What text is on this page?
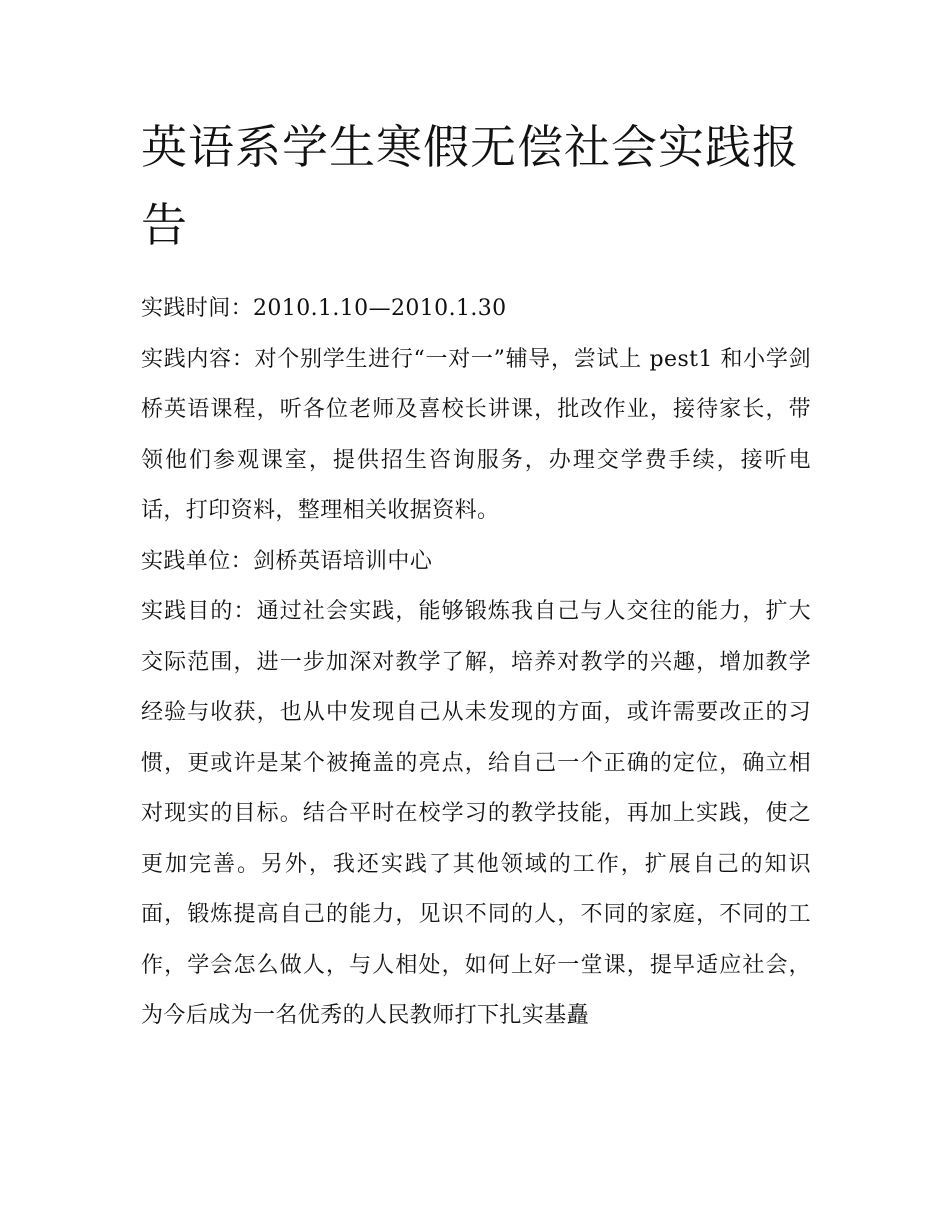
英语系学生寒假无偿社会实践报告

实践时间：2010.1.10—2010.1.30

实践内容：对个别学生进行“一对一”辅导，尝试上 pest1 和小学剑桥英语课程，听各位老师及喜校长讲课，批改作业，接待家长，带领他们参观课室，提供招生咨询服务，办理交学费手续，接听电话，打印资料，整理相关收据资料。

实践单位：剑桥英语培训中心

实践目的：通过社会实践，能够锻炼我自己与人交往的能力，扩大交际范围，进一步加深对教学了解，培养对教学的兴趣，增加教学经验与收获，也从中发现自己从未发现的方面，或许需要改正的习惯，更或许是某个被掩盖的亮点，给自己一个正确的定位，确立相对现实的目标。结合平时在校学习的教学技能，再加上实践，使之更加完善。另外，我还实践了其他领域的工作，扩展自己的知识面，锻炼提高自己的能力，见识不同的人，不同的家庭，不同的工作，学会怎么做人，与人相处，如何上好一堂课，提早适应社会，为今后成为一名优秀的人民教师打下扎实基矗
